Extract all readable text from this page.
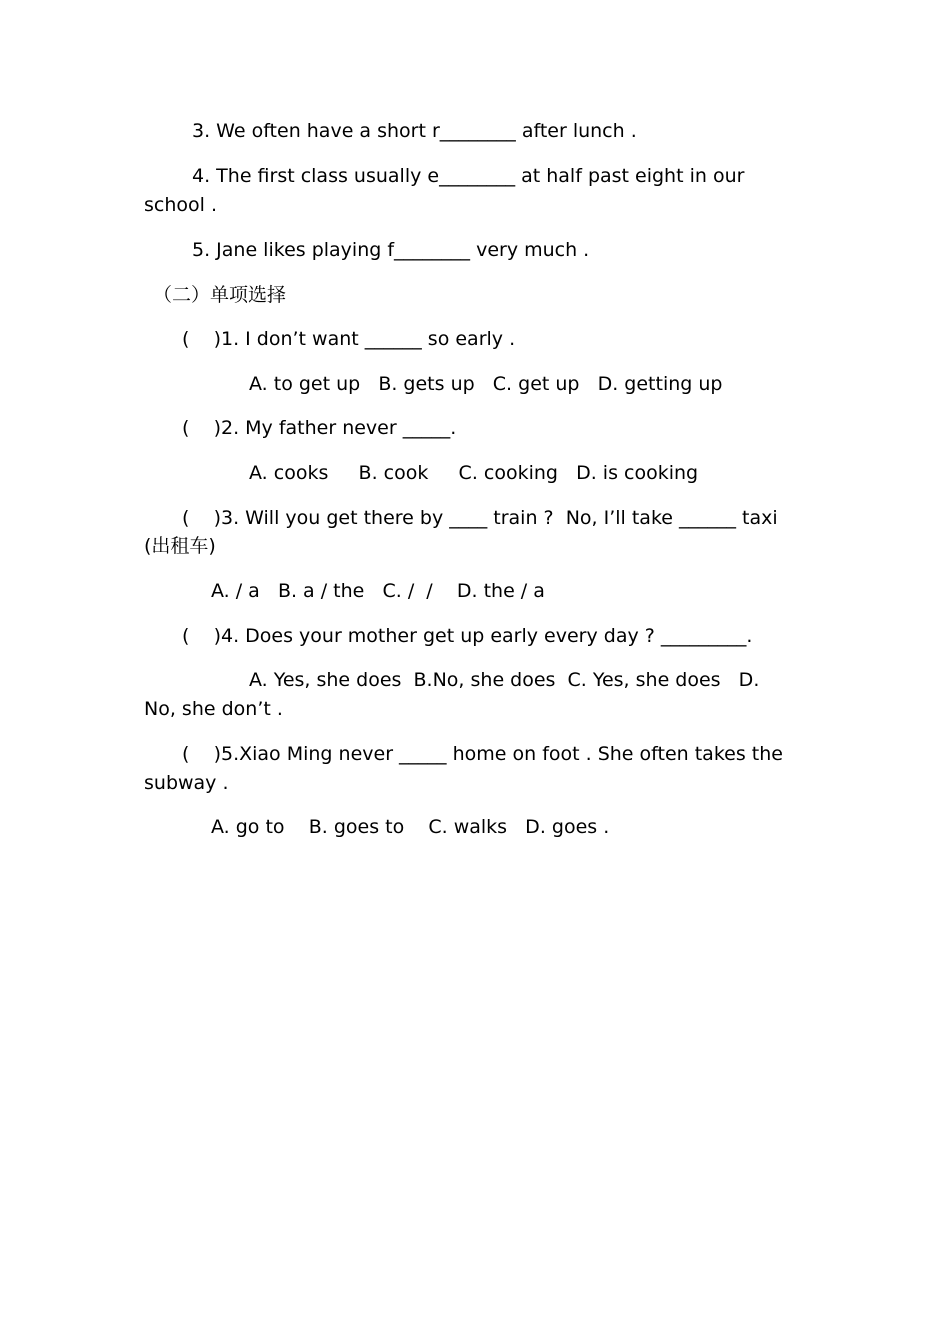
3. We often have a short r________ after lunch .
4. The first class usually e________ at half past eight in our
school .
5. Jane likes playing f________ very much .
（二）单项选择
(    )1. I don’t want ______ so early .
A. to get up   B. gets up   C. get up   D. getting up
(    )2. My father never _____.
A. cooks     B. cook     C. cooking   D. is cooking
(    )3. Will you get there by ____ train ?  No, I’ll take ______ taxi
(出租车)
A. / a   B. a / the   C. /  /    D. the / a
(    )4. Does your mother get up early every day ? _________.
A. Yes, she does  B.No, she does  C. Yes, she does   D.
No, she don’t .
(    )5.Xiao Ming never _____ home on foot . She often takes the
subway .
A. go to    B. goes to    C. walks   D. goes .
